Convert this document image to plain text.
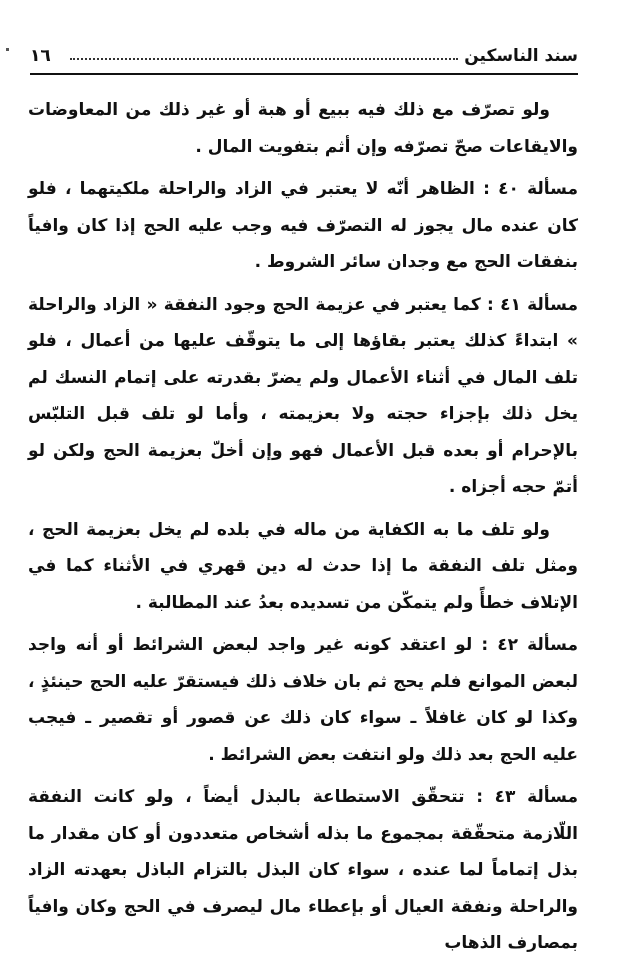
سند الناسكين
١٦

ولو تصرّف مع ذلك فيه ببيع أو هبة أو غير ذلك من المعاوضات والايقاعات صحّ تصرّفه وإن أثم بتفويت المال .

مسألة ٤٠ : الظاهر أنّه لا يعتبر في الزاد والراحلة ملكيتهما ، فلو كان عنده مال يجوز له التصرّف فيه وجب عليه الحج إذا كان وافياً بنفقات الحج مع وجدان سائر الشروط .

مسألة ٤١ : كما يعتبر في عزيمة الحج وجود النفقة « الزاد والراحلة » ابتداءً كذلك يعتبر بقاؤها إلى ما يتوقّف عليها من أعمال ، فلو تلف المال في أثناء الأعمال ولم يضرّ بقدرته على إتمام النسك لم يخل ذلك بإجزاء حجته ولا بعزيمته ، وأما لو تلف قبل التلبّس بالإحرام أو بعده قبل الأعمال فهو وإن أخلّ بعزيمة الحج ولكن لو أتمّ حجه أجزاه .

ولو تلف ما به الكفاية من ماله في بلده لم يخل بعزيمة الحج ، ومثل تلف النفقة ما إذا حدث له دين قهري في الأثناء كما في الإتلاف خطأً ولم يتمكّن من تسديده بعدُ عند المطالبة .

مسألة ٤٢ : لو اعتقد كونه غير واجد لبعض الشرائط أو أنه واجد لبعض الموانع فلم يحج ثم بان خلاف ذلك فيستقرّ عليه الحج حينئذٍ ، وكذا لو كان غافلاً ـ سواء كان ذلك عن قصور أو تقصير ـ فيجب عليه الحج بعد ذلك ولو انتفت بعض الشرائط .

مسألة ٤٣ : تتحقّق الاستطاعة بالبذل أيضاً ، ولو كانت النفقة اللّازمة متحقّقة بمجموع ما بذله أشخاص متعددون أو كان مقدار ما بذل إتماماً لما عنده ، سواء كان البذل بالتزام الباذل بعهدته الزاد والراحلة ونفقة العيال أو بإعطاء مال ليصرف في الحج وكان وافياً بمصارف الذهاب
